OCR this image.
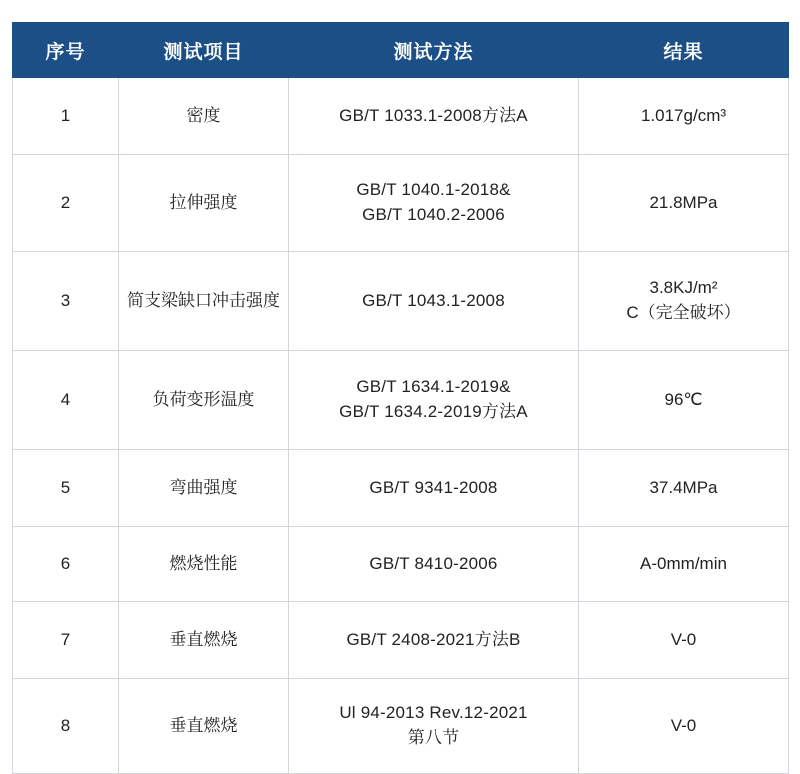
序号	测试项目	测试方法	结果
1	密度	GB/T 1033.1-2008方法A	1.017g/cm³

2	拉伸强度	GB/T 1040.1-2018&
GB/T 1040.2-2006	21.8MPa

3	简支梁缺口冲击强度	GB/T 1043.1-2008	3.8KJ/m²
C（完全破坏）

4	负荷变形温度	GB/T 1634.1-2019&
GB/T 1634.2-2019方法A	96℃

5	弯曲强度	GB/T 9341-2008	37.4MPa

6	燃烧性能	GB/T 8410-2006	A-0mm/min

7	垂直燃烧	GB/T 2408-2021方法B	V-0

8	垂直燃烧	Ul 94-2013 Rev.12-2021
第八节	V-0
